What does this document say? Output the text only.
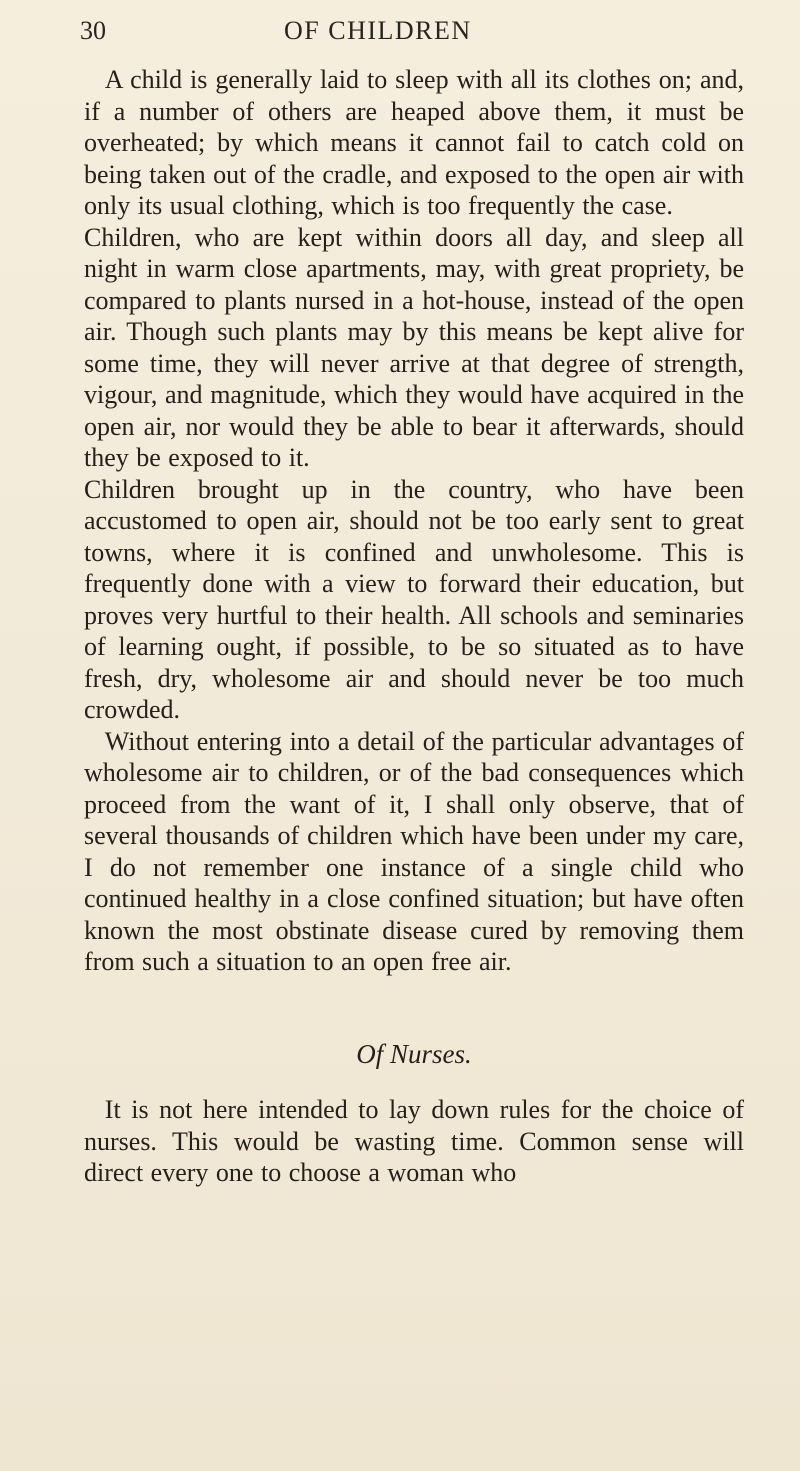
30	OF CHILDREN

A child is generally laid to sleep with all its clothes on; and, if a number of others are heaped above them, it must be overheated; by which means it cannot fail to catch cold on being taken out of the cradle, and exposed to the open air with only its usual clothing, which is too frequently the case.

Children, who are kept within doors all day, and sleep all night in warm close apartments, may, with great propriety, be compared to plants nursed in a hot-house, instead of the open air. Though such plants may by this means be kept alive for some time, they will never arrive at that degree of strength, vigour, and magnitude, which they would have acquired in the open air, nor would they be able to bear it afterwards, should they be exposed to it.

Children brought up in the country, who have been accustomed to open air, should not be too early sent to great towns, where it is confined and unwholesome. This is frequently done with a view to forward their education, but proves very hurtful to their health. All schools and seminaries of learning ought, if possible, to be so situated as to have fresh, dry, wholesome air and should never be too much crowded.

Without entering into a detail of the particular advantages of wholesome air to children, or of the bad consequences which proceed from the want of it, I shall only observe, that of several thousands of children which have been under my care, I do not remember one instance of a single child who continued healthy in a close confined situation; but have often known the most obstinate disease cured by removing them from such a situation to an open free air.

Of Nurses.

It is not here intended to lay down rules for the choice of nurses. This would be wasting time. Common sense will direct every one to choose a woman who
